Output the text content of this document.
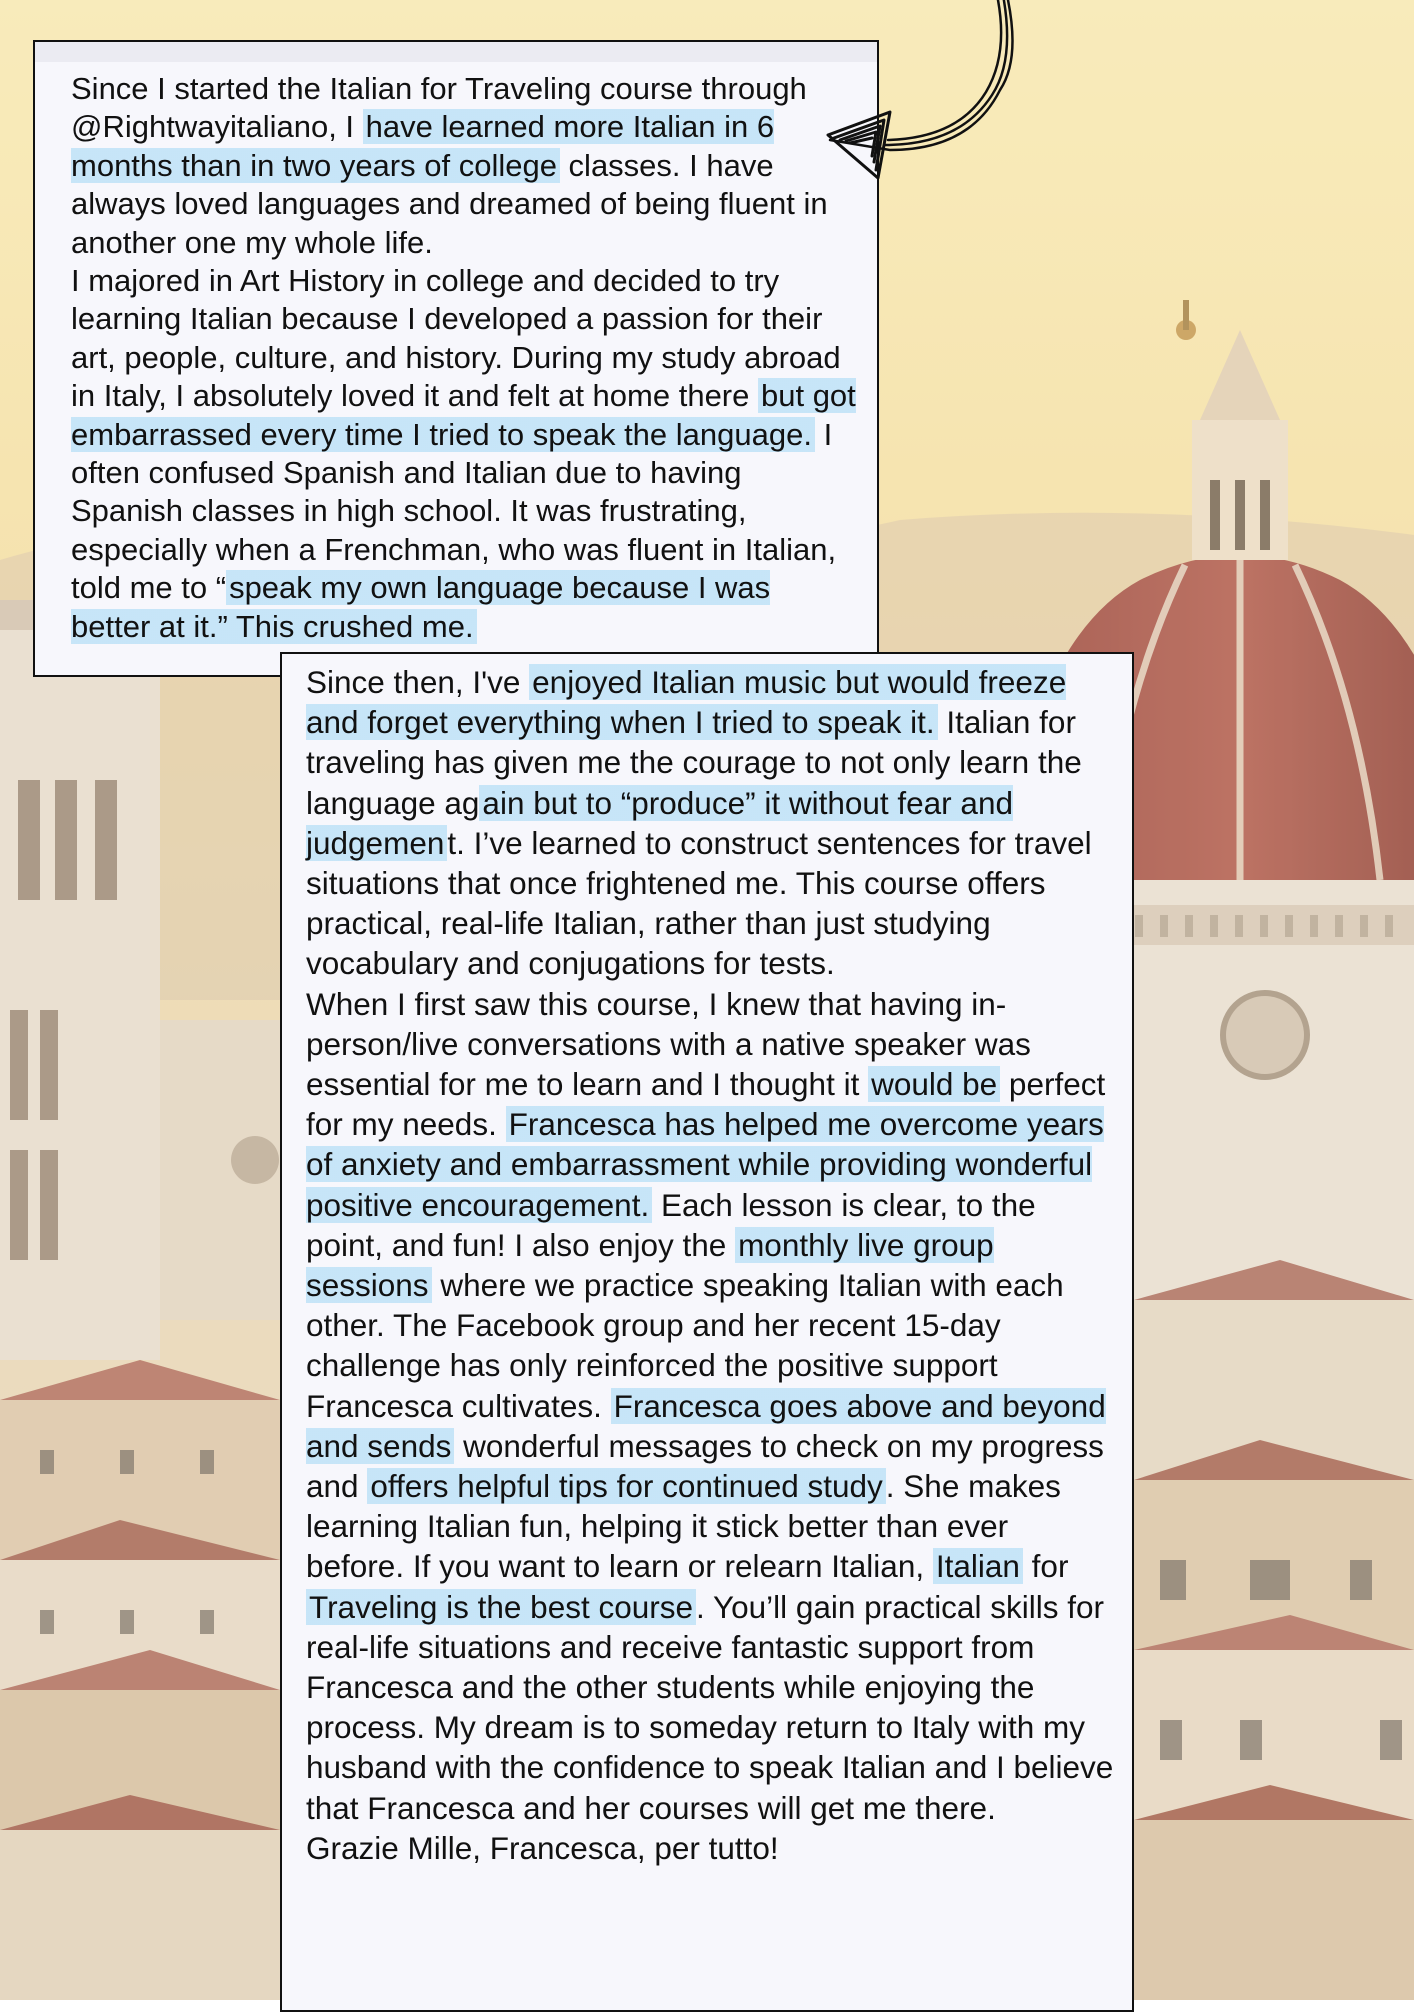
Since I started the Italian for Traveling course through @Rightwayitaliano, I have learned more Italian in 6 months than in two years of college classes. I have always loved languages and dreamed of being fluent in another one my whole life.
I majored in Art History in college and decided to try learning Italian because I developed a passion for their art, people, culture, and history. During my study abroad in Italy, I absolutely loved it and felt at home there but got embarrassed every time I tried to speak the language. I often confused Spanish and Italian due to having Spanish classes in high school. It was frustrating, especially when a Frenchman, who was fluent in Italian, told me to “speak my own language because I was better at it.” This crushed me.
Since then, I've enjoyed Italian music but would freeze and forget everything when I tried to speak it. Italian for traveling has given me the courage to not only learn the language again but to “produce” it without fear and judgement. I’ve learned to construct sentences for travel situations that once frightened me. This course offers practical, real-life Italian, rather than just studying vocabulary and conjugations for tests.
When I first saw this course, I knew that having in-person/live conversations with a native speaker was essential for me to learn and I thought it would be perfect for my needs. Francesca has helped me overcome years of anxiety and embarrassment while providing wonderful positive encouragement. Each lesson is clear, to the point, and fun! I also enjoy the monthly live group sessions where we practice speaking Italian with each other. The Facebook group and her recent 15-day challenge has only reinforced the positive support Francesca cultivates. Francesca goes above and beyond and sends wonderful messages to check on my progress and offers helpful tips for continued study. She makes learning Italian fun, helping it stick better than ever before. If you want to learn or relearn Italian, Italian for Traveling is the best course. You’ll gain practical skills for real-life situations and receive fantastic support from Francesca and the other students while enjoying the process. My dream is to someday return to Italy with my husband with the confidence to speak Italian and I believe that Francesca and her courses will get me there.
Grazie Mille, Francesca, per tutto!
